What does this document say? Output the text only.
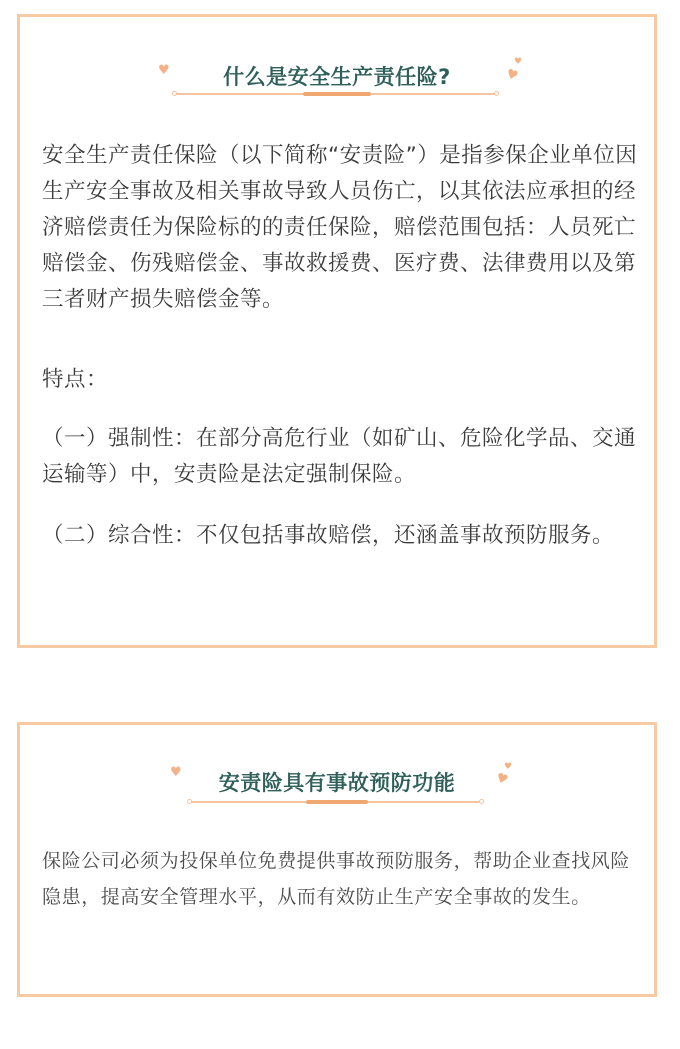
什么是安全生产责任险?
♥	♥
♥

安全生产责任保险（以下简称“安责险”）是指参保企业单位因生产安全事故及相关事故导致人员伤亡，以其依法应承担的经济赔偿责任为保险标的的责任保险，赔偿范围包括：人员死亡赔偿金、伤残赔偿金、事故救援费、医疗费、法律费用以及第三者财产损失赔偿金等。

特点：

（一）强制性：在部分高危行业（如矿山、危险化学品、交通运输等）中，安责险是法定强制保险。

（二）综合性：不仅包括事故赔偿，还涵盖事故预防服务。

安责险具有事故预防功能
♥	♥
♥

保险公司必须为投保单位免费提供事故预防服务，帮助企业查找风险隐患，提高安全管理水平，从而有效防止生产安全事故的发生。
